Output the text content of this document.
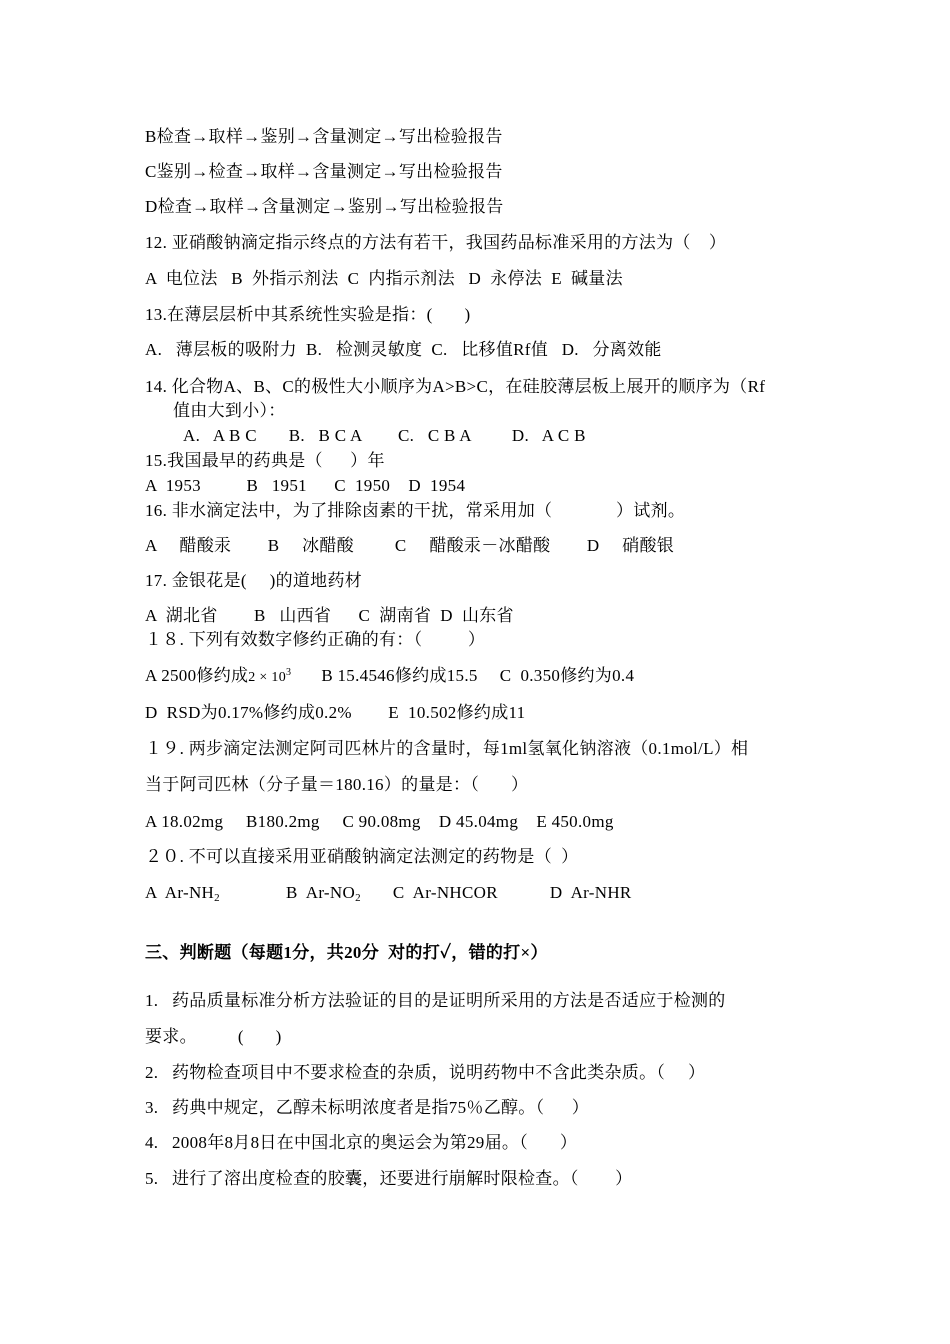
B检查→取样→鉴别→含量测定→写出检验报告
C鉴别→检查→取样→含量测定→写出检验报告
D检查→取样→含量测定→鉴别→写出检验报告
12. 亚硝酸钠滴定指示终点的方法有若干，我国药品标准采用的方法为（    ）
A  电位法   B  外指示剂法  C  内指示剂法   D  永停法  E  碱量法
13.在薄层层析中其系统性实验是指：(       )
A.   薄层板的吸附力  B.   检测灵敏度  C.   比移值Rf值   D.   分离效能
14. 化合物A、B、C的极性大小顺序为A>B>C，在硅胶薄层板上展开的顺序为（Rf
值由大到小）：
A.   A B C       B.   B C A        C.   C B A         D.   A C B
15.我国最早的药典是（      ）年
A  1953          B   1951      C  1950    D  1954
16. 非水滴定法中，为了排除卤素的干扰，常采用加（              ）试剂。
A     醋酸汞        B     冰醋酸         C     醋酸汞－冰醋酸        D     硝酸银
17. 金银花是(     )的道地药材
A  湖北省        B   山西省      C  湖南省  D  山东省
１８. 下列有效数字修约正确的有：（          ）
A 2500修约成$2 \times 10^3$ B 15.4546修约成15.5 C  0.350修约为0.4
D  RSD为0.17%修约成0.2%        E  10.502修约成11
１９. 两步滴定法测定阿司匹林片的含量时，每1ml氢氧化钠溶液（0.1mol/L）相
当于阿司匹林（分子量＝180.16）的量是：（       ）
A 18.02mg     B180.2mg     C 90.08mg    D 45.04mg    E 450.0mg
２０. 不可以直接采用亚硝酸钠滴定法测定的药物是（  ）
A  $Ar-NH_2$	B  $Ar-NO_2$ C  Ar-NHCOR	D  Ar-NHR
三、判断题（每题1分，共20分  对的打✓，错的打×）
1.   药品质量标准分析方法验证的目的是证明所采用的方法是否适应于检测的
要求。         (       )
2.   药物检查项目中不要求检查的杂质，说明药物中不含此类杂质。（     ）
3.   药典中规定，乙醇未标明浓度者是指75％乙醇。（      ）
4.   2008年8月8日在中国北京的奥运会为第29届。（       ）
5.   进行了溶出度检查的胶囊，还要进行崩解时限检查。（        ）
